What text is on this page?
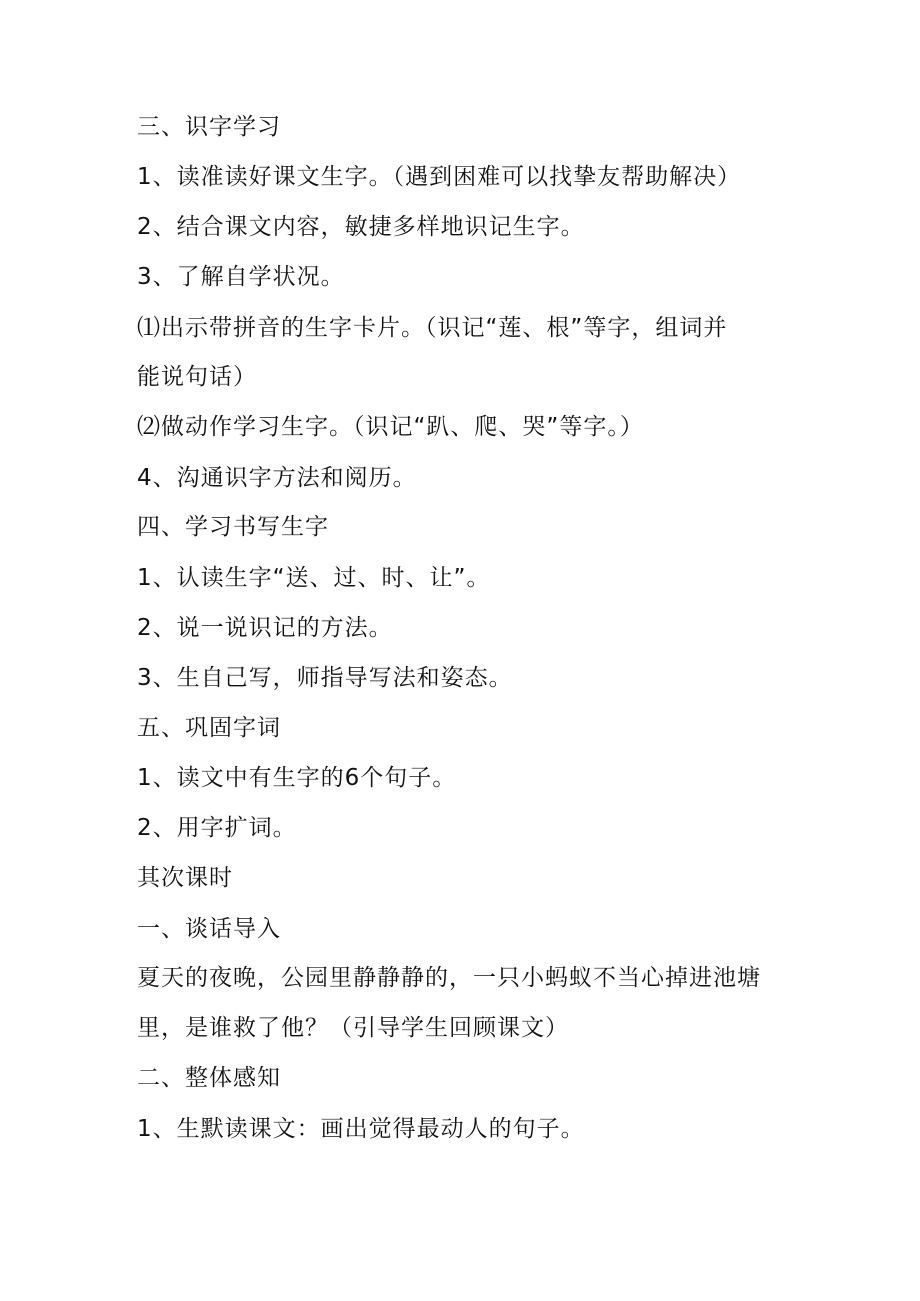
三、识字学习
1、读准读好课文生字。（遇到困难可以找挚友帮助解决）
2、结合课文内容，敏捷多样地识记生字。
3、了解自学状况。
⑴出示带拼音的生字卡片。（识记“莲、根”等字，组词并
能说句话）
⑵做动作学习生字。（识记“趴、爬、哭”等字。）
4、沟通识字方法和阅历。
四、学习书写生字
1、认读生字“送、过、时、让”。
2、说一说识记的方法。
3、生自己写，师指导写法和姿态。
五、巩固字词
1、读文中有生字的6个句子。
2、用字扩词。
其次课时
一、谈话导入
夏天的夜晚，公园里静静静的，一只小蚂蚁不当心掉进池塘
里，是谁救了他？（引导学生回顾课文）
二、整体感知
1、生默读课文：画出觉得最动人的句子。
